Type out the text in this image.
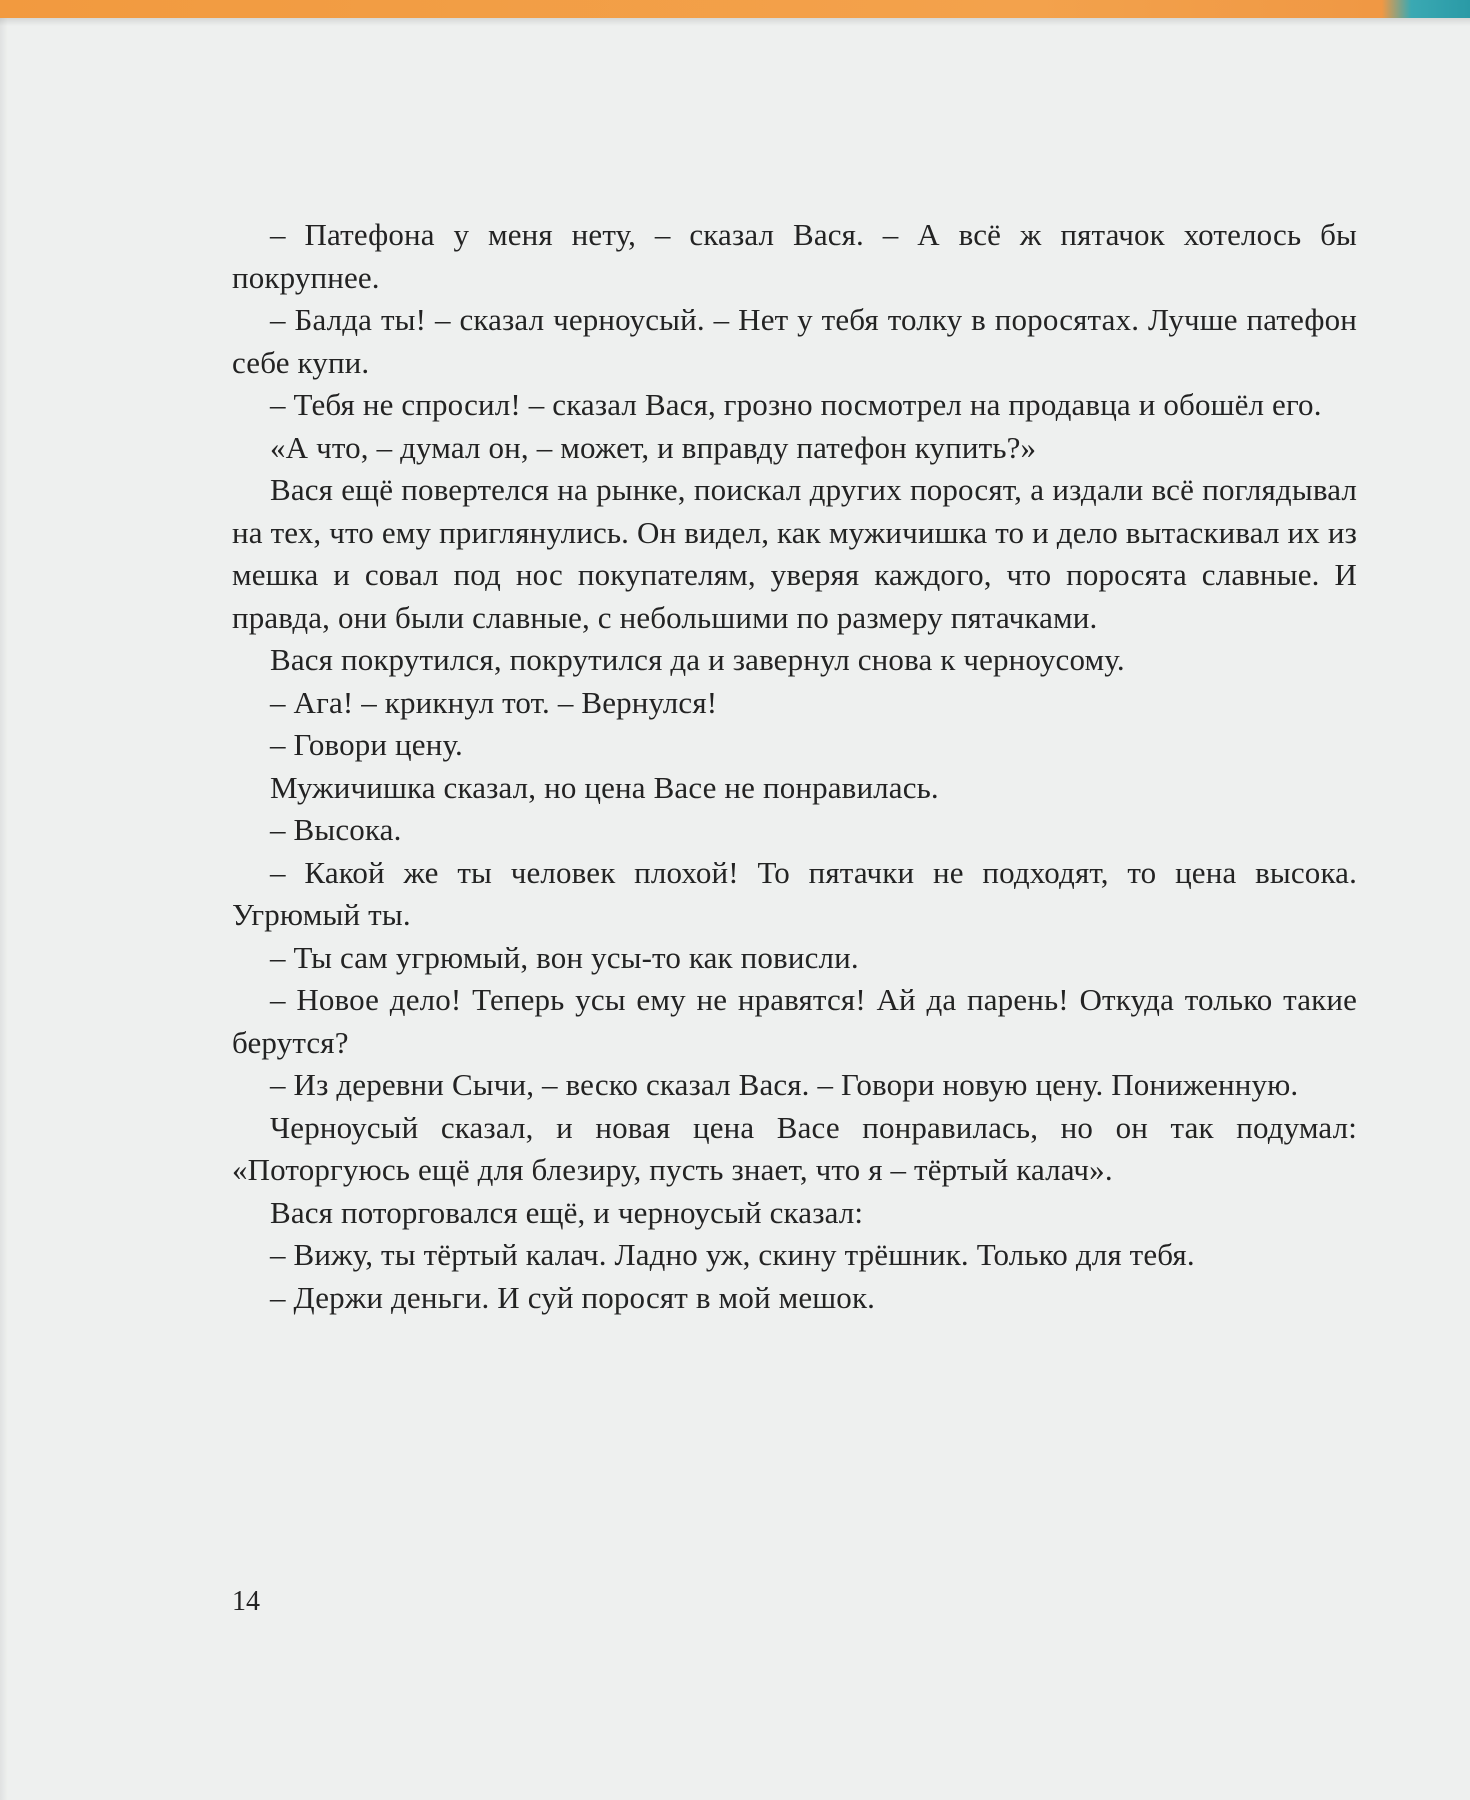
– Патефона у меня нету, – сказал Вася. – А всё ж пятачок хотелось бы покрупнее.

– Балда ты! – сказал черноусый. – Нет у тебя толку в поросятах. Лучше патефон себе купи.

– Тебя не спросил! – сказал Вася, грозно посмотрел на продавца и обошёл его.

«А что, – думал он, – может, и вправду патефон купить?»

Вася ещё повертелся на рынке, поискал других поросят, а издали всё поглядывал на тех, что ему приглянулись. Он видел, как мужичишка то и дело вытаскивал их из мешка и совал под нос покупателям, уверяя каждого, что поросята славные. И правда, они были славные, с небольшими по размеру пятачками.

Вася покрутился, покрутился да и завернул снова к черноусому.

– Ага! – крикнул тот. – Вернулся!

– Говори цену.

Мужичишка сказал, но цена Васе не понравилась.

– Высока.

– Какой же ты человек плохой! То пятачки не подходят, то цена высока. Угрюмый ты.

– Ты сам угрюмый, вон усы-то как повисли.

– Новое дело! Теперь усы ему не нравятся! Ай да парень! Откуда только такие берутся?

– Из деревни Сычи, – веско сказал Вася. – Говори новую цену. Пониженную.

Черноусый сказал, и новая цена Васе понравилась, но он так подумал: «Поторгуюсь ещё для блезиру, пусть знает, что я – тёртый калач».

Вася поторговался ещё, и черноусый сказал:

– Вижу, ты тёртый калач. Ладно уж, скину трёшник. Только для тебя.

– Держи деньги. И суй поросят в мой мешок.

14
